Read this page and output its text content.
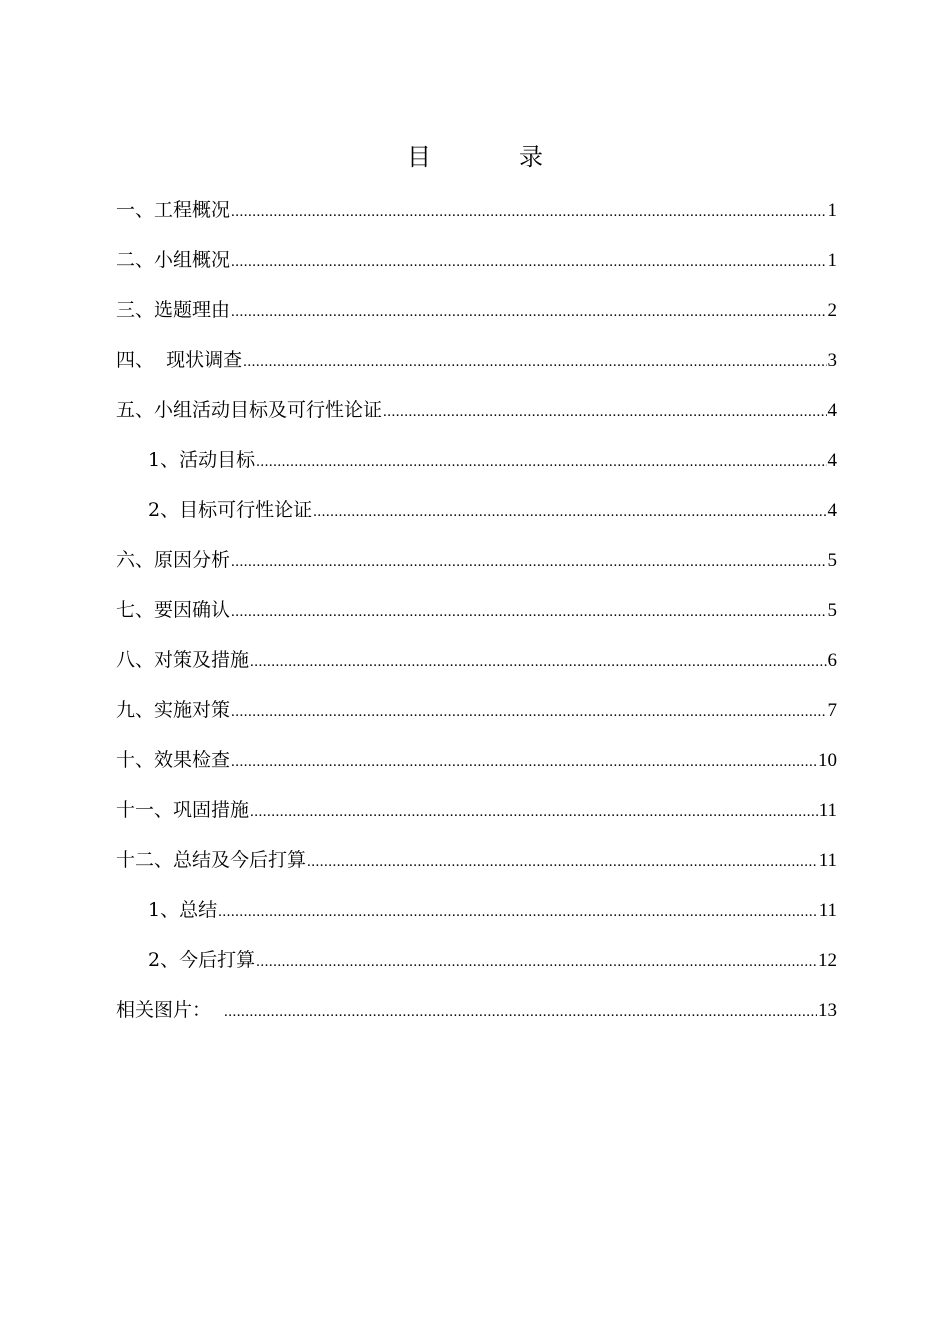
目　录
一、工程概况 .....	1
二、小组概况 .....	1
三、选题理由 .....	2
四、  现状调查 .....	3
五、小组活动目标及可行性论证 .....	4
1、活动目标 .....	4
2、目标可行性论证 .....	4
六、原因分析 .....	5
七、要因确认 .....	5
八、对策及措施 .....	6
九、实施对策 .....	7
十、效果检查 .....	10
十一、巩固措施 .....	11
十二、总结及今后打算 .....	11
1、总结 .....	11
2、今后打算 .....	12
相关图片： .....	13
